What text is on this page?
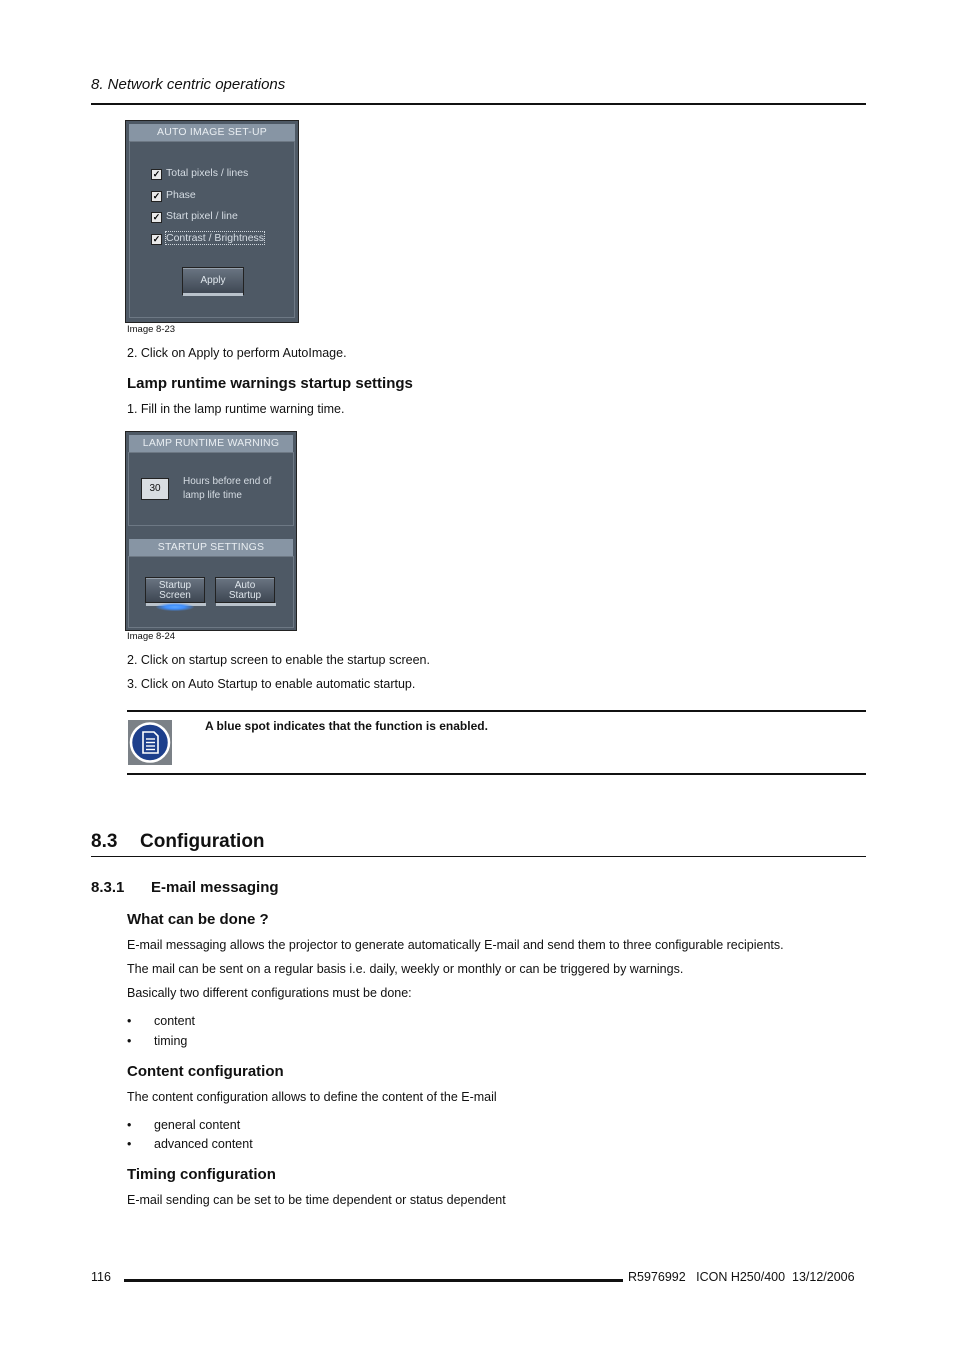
8. Network centric operations
AUTO IMAGE SET-UP
✓ Total pixels / lines
✓ Phase
✓ Start pixel / line
✓ Contrast / Brightness
Apply
Image 8-23
2. Click on Apply to perform AutoImage.
Lamp runtime warnings startup settings
1. Fill in the lamp runtime warning time.
LAMP RUNTIME WARNING
30
Hours before end of
lamp life time
STARTUP SETTINGS
Startup
Screen
Auto
Startup
Image 8-24
2. Click on startup screen to enable the startup screen.
3. Click on Auto Startup to enable automatic startup.
A blue spot indicates that the function is enabled.
8.3 Configuration
8.3.1 E-mail messaging
What can be done ?
E-mail messaging allows the projector to generate automatically E-mail and send them to three configurable recipients.
The mail can be sent on a regular basis i.e. daily, weekly or monthly or can be triggered by warnings.
Basically two different configurations must be done:
• content
• timing
Content configuration
The content configuration allows to define the content of the E-mail
• general content
• advanced content
Timing configuration
E-mail sending can be set to be time dependent or status dependent
116	R5976992   ICON H250/400  13/12/2006
